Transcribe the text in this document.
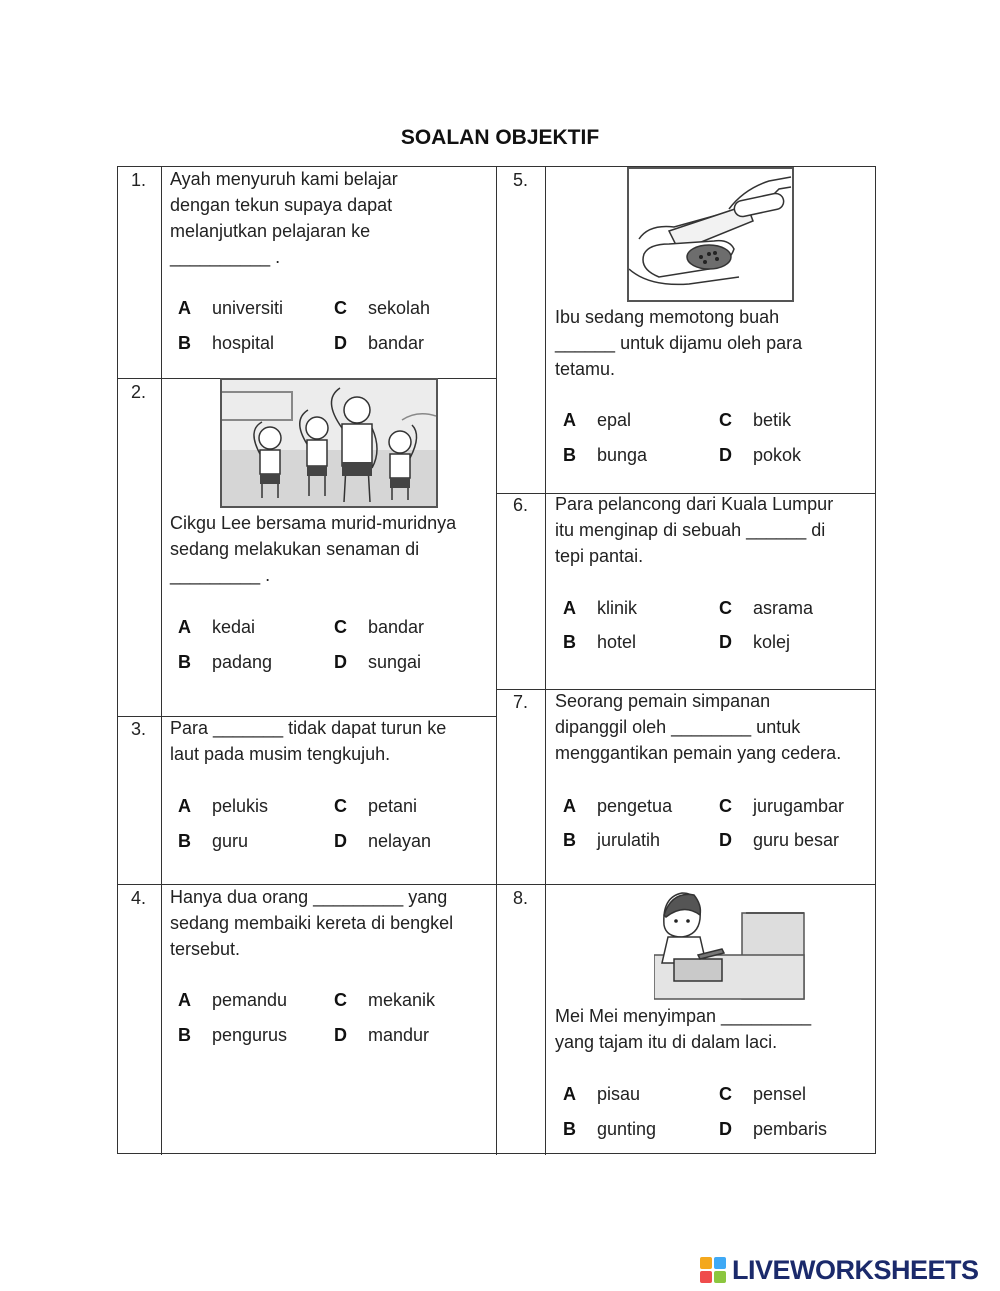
SOALAN OBJEKTIF
1. Ayah menyuruh kami belajar
dengan tekun supaya dapat
melanjutkan pelajaran ke
__________ .
A universiti
B hospital
C sekolah
D bandar
2.
Cikgu Lee bersama murid-muridnya
sedang melakukan senaman di
_________ .
A kedai
B padang
C bandar
D sungai
3. Para _______ tidak dapat turun ke
laut pada musim tengkujuh.
A pelukis
B guru
C petani
D nelayan
4. Hanya dua orang _________ yang
sedang membaiki kereta di bengkel
tersebut.
A pemandu
B pengurus
C mekanik
D mandur
5.
Ibu sedang memotong buah
______ untuk dijamu oleh para
tetamu.
A epal
B bunga
C betik
D pokok
6. Para pelancong dari Kuala Lumpur
itu menginap di sebuah ______ di
tepi pantai.
A klinik
B hotel
C asrama
D kolej
7. Seorang pemain simpanan
dipanggil oleh ________ untuk
menggantikan pemain yang cedera.
A pengetua
B jurulatih
C jurugambar
D guru besar
8.
Mei Mei menyimpan _________
yang tajam itu di dalam laci.
A pisau
B gunting
C pensel
D pembaris
LIVEWORKSHEETS
